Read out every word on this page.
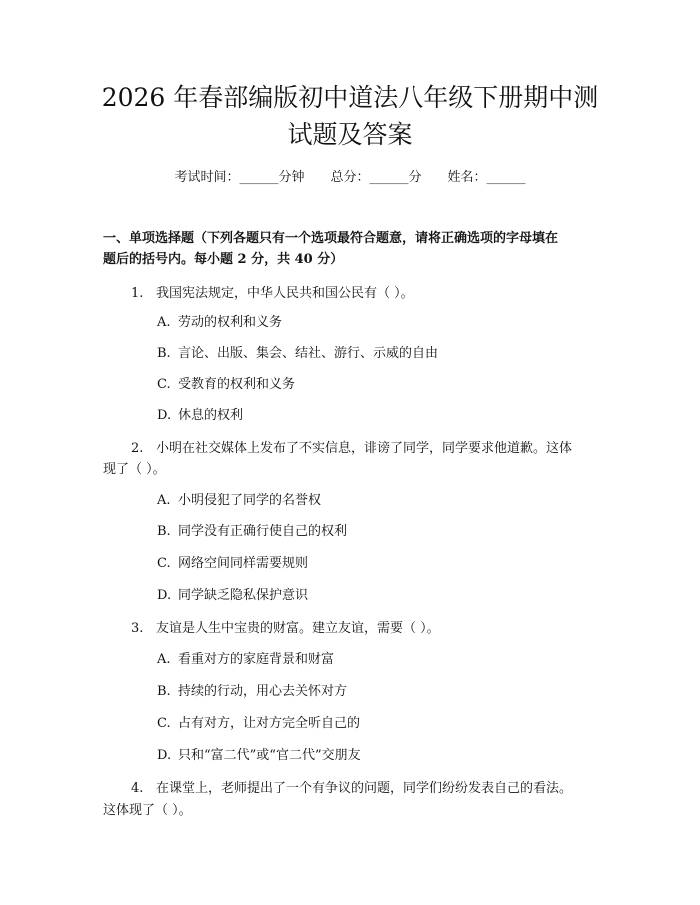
2026 年春部编版初中道法八年级下册期中测
试题及答案
考试时间：______分钟 总分：______分 姓名：______
一、单项选择题（下列各题只有一个选项最符合题意，请将正确选项的字母填在
题后的括号内。每小题 2 分，共 40 分）
1. 我国宪法规定，中华人民共和国公民有（ ）。
A. 劳动的权利和义务
B. 言论、出版、集会、结社、游行、示威的自由
C. 受教育的权利和义务
D. 休息的权利
2. 小明在社交媒体上发布了不实信息，诽谤了同学，同学要求他道歉。这体
现了（ ）。
A. 小明侵犯了同学的名誉权
B. 同学没有正确行使自己的权利
C. 网络空间同样需要规则
D. 同学缺乏隐私保护意识
3. 友谊是人生中宝贵的财富。建立友谊，需要（ ）。
A. 看重对方的家庭背景和财富
B. 持续的行动，用心去关怀对方
C. 占有对方，让对方完全听自己的
D. 只和“富二代”或“官二代”交朋友
4. 在课堂上，老师提出了一个有争议的问题，同学们纷纷发表自己的看法。
这体现了（ ）。
